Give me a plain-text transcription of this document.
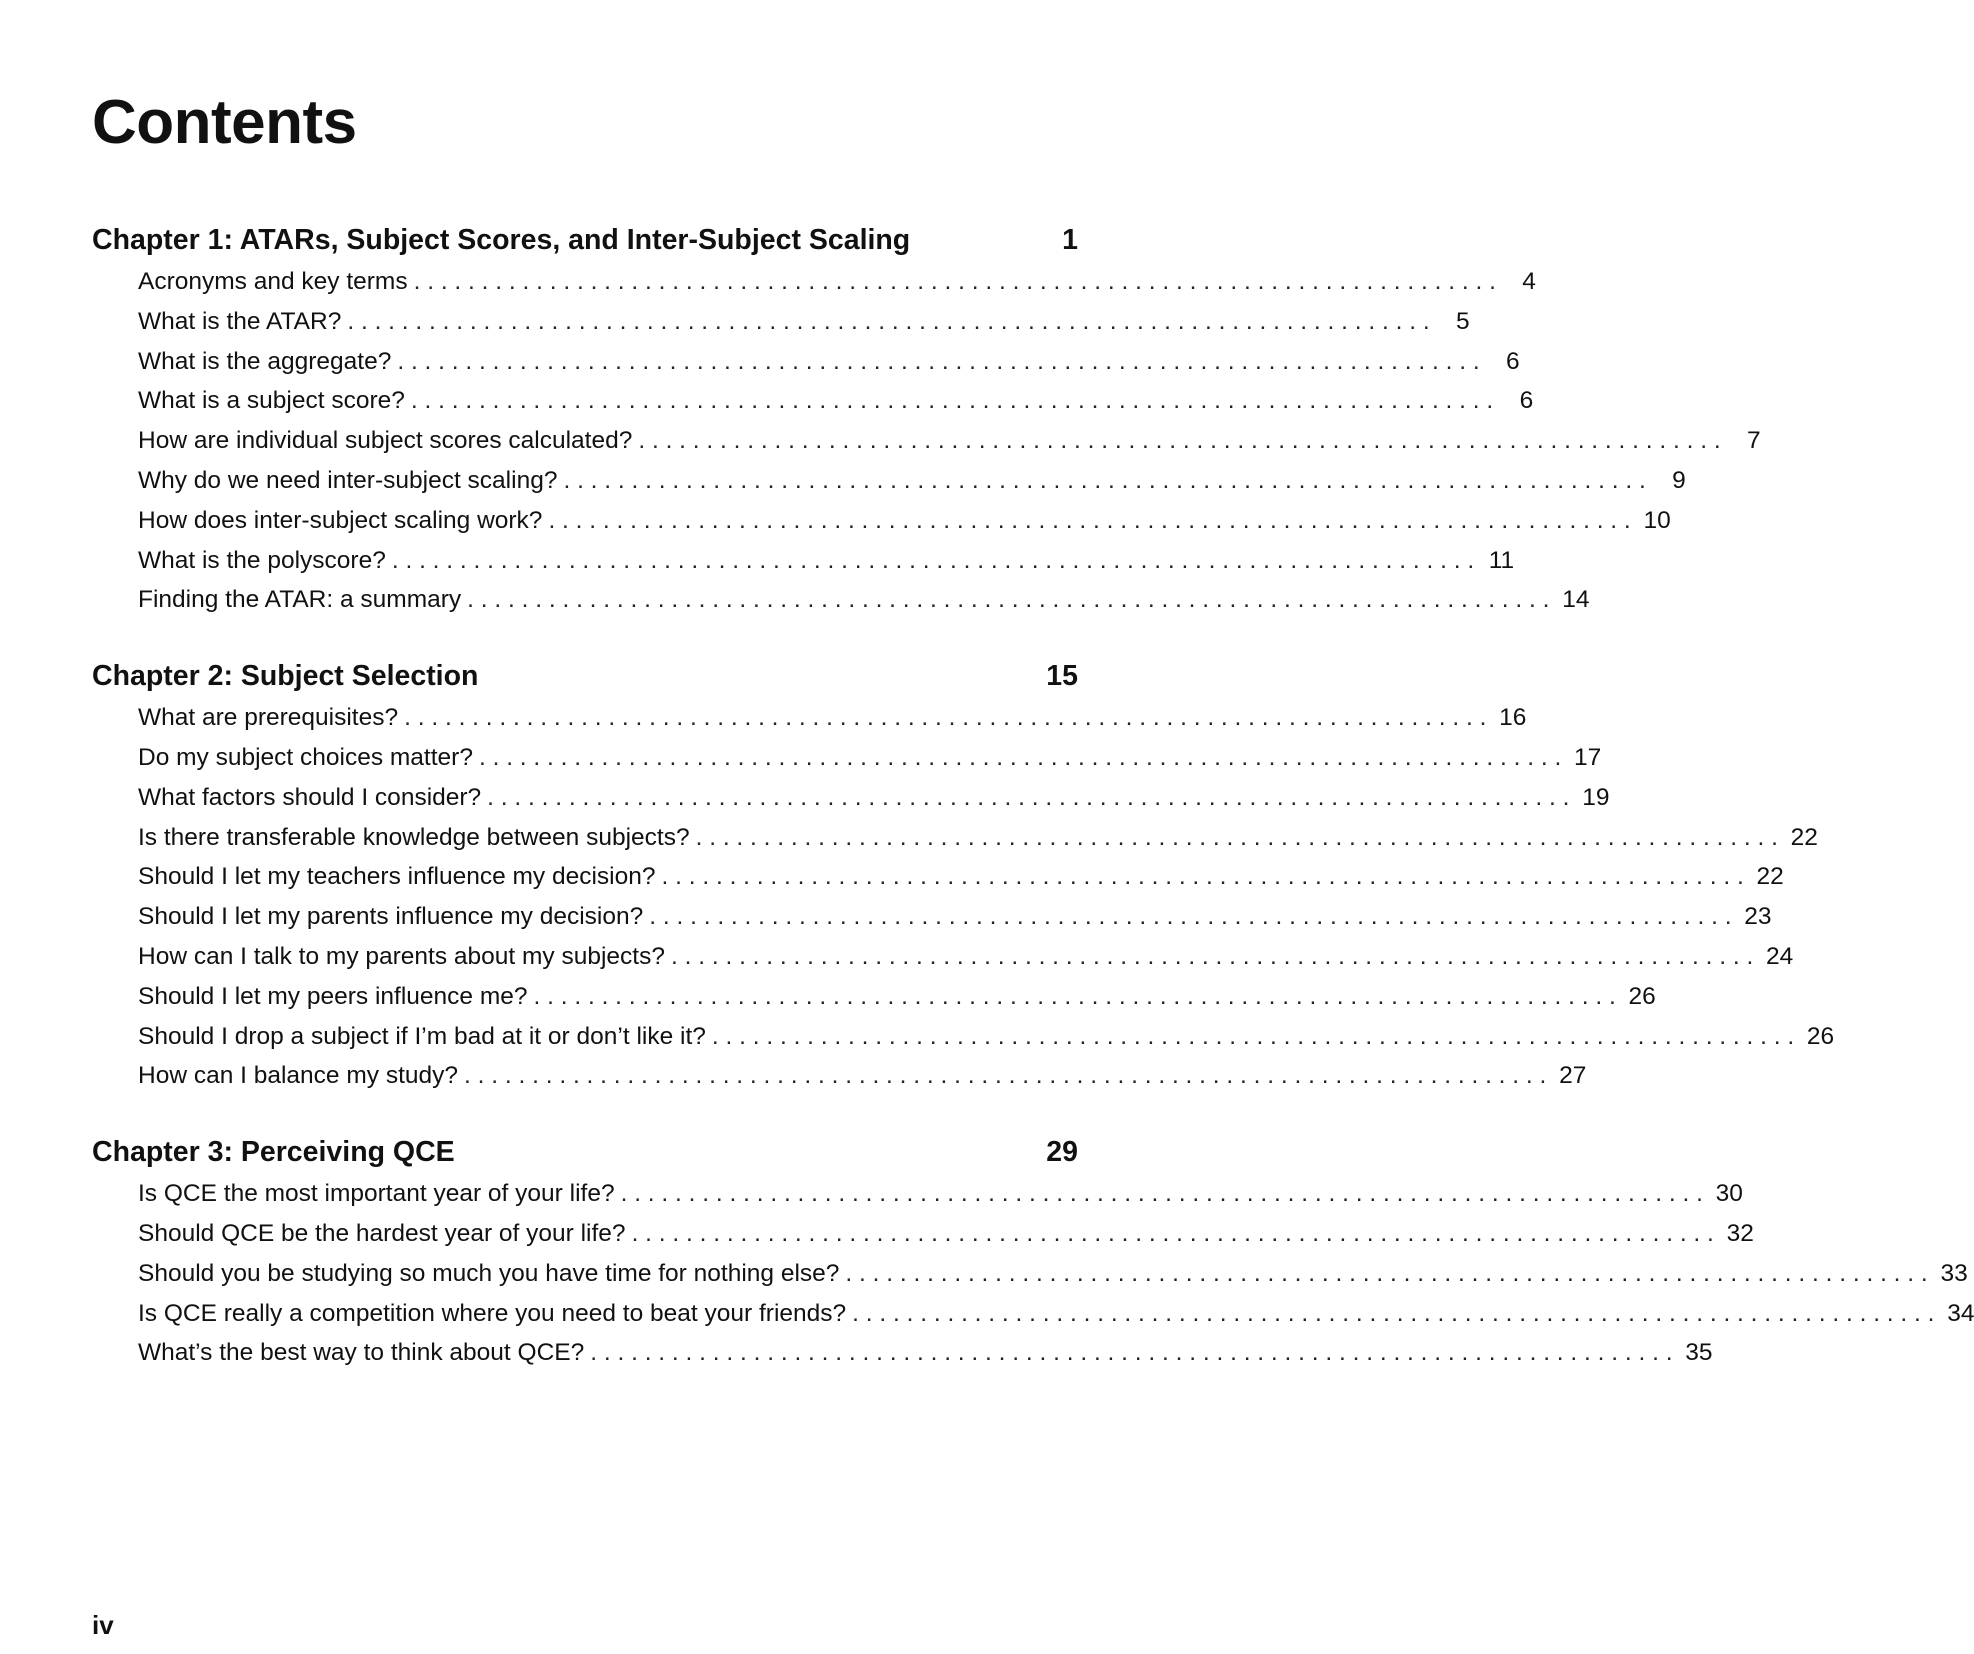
Contents
Chapter 1: ATARs, Subject Scores, and Inter-Subject Scaling	1
Acronyms and key terms . . . . . . . . . . . . . . . . . . . . . . . . . . . . . . . . . . . . . . . . . . . . . . . . . . . . . . . . . . . . . . . . . . . . . . . . . . . . . . . .	4
What is the ATAR? . . . . . . . . . . . . . . . . . . . . . . . . . . . . . . . . . . . . . . . . . . . . . . . . . . . . . . . . . . . . . . . . . . . . . . . . . . . . . . . .	5
What is the aggregate? . . . . . . . . . . . . . . . . . . . . . . . . . . . . . . . . . . . . . . . . . . . . . . . . . . . . . . . . . . . . . . . . . . . . . . . . . . . . . . . .	6
What is a subject score? . . . . . . . . . . . . . . . . . . . . . . . . . . . . . . . . . . . . . . . . . . . . . . . . . . . . . . . . . . . . . . . . . . . . . . . . . . . . . . . .	6
How are individual subject scores calculated? . . . . . . . . . . . . . . . . . . . . . . . . . . . . . . . . . . . . . . . . . . . . . . . . . . . . . . . . . . . . . . . . . . . . . . . . . . . . . . . .	7
Why do we need inter-subject scaling? . . . . . . . . . . . . . . . . . . . . . . . . . . . . . . . . . . . . . . . . . . . . . . . . . . . . . . . . . . . . . . . . . . . . . . . . . . . . . . . .	9
How does inter-subject scaling work? . . . . . . . . . . . . . . . . . . . . . . . . . . . . . . . . . . . . . . . . . . . . . . . . . . . . . . . . . . . . . . . . . . . . . . . . . . . . . . . . 10
What is the polyscore? . . . . . . . . . . . . . . . . . . . . . . . . . . . . . . . . . . . . . . . . . . . . . . . . . . . . . . . . . . . . . . . . . . . . . . . . . . . . . . . . 11
Finding the ATAR: a summary . . . . . . . . . . . . . . . . . . . . . . . . . . . . . . . . . . . . . . . . . . . . . . . . . . . . . . . . . . . . . . . . . . . . . . . . . . . . . . . . 14
Chapter 2: Subject Selection	15
What are prerequisites? . . . . . . . . . . . . . . . . . . . . . . . . . . . . . . . . . . . . . . . . . . . . . . . . . . . . . . . . . . . . . . . . . . . . . . . . . . . . . . . . 16
Do my subject choices matter? . . . . . . . . . . . . . . . . . . . . . . . . . . . . . . . . . . . . . . . . . . . . . . . . . . . . . . . . . . . . . . . . . . . . . . . . . . . . . . . . 17
What factors should I consider? . . . . . . . . . . . . . . . . . . . . . . . . . . . . . . . . . . . . . . . . . . . . . . . . . . . . . . . . . . . . . . . . . . . . . . . . . . . . . . . . 19
Is there transferable knowledge between subjects? . . . . . . . . . . . . . . . . . . . . . . . . . . . . . . . . . . . . . . . . . . . . . . . . . . . . . . . . . . . . . . . . . . . . . . . . . . . . . . . . 22
Should I let my teachers influence my decision? . . . . . . . . . . . . . . . . . . . . . . . . . . . . . . . . . . . . . . . . . . . . . . . . . . . . . . . . . . . . . . . . . . . . . . . . . . . . . . . . 22
Should I let my parents influence my decision? . . . . . . . . . . . . . . . . . . . . . . . . . . . . . . . . . . . . . . . . . . . . . . . . . . . . . . . . . . . . . . . . . . . . . . . . . . . . . . . . 23
How can I talk to my parents about my subjects? . . . . . . . . . . . . . . . . . . . . . . . . . . . . . . . . . . . . . . . . . . . . . . . . . . . . . . . . . . . . . . . . . . . . . . . . . . . . . . . . 24
Should I let my peers influence me? . . . . . . . . . . . . . . . . . . . . . . . . . . . . . . . . . . . . . . . . . . . . . . . . . . . . . . . . . . . . . . . . . . . . . . . . . . . . . . . . 26
Should I drop a subject if I’m bad at it or don’t like it? . . . . . . . . . . . . . . . . . . . . . . . . . . . . . . . . . . . . . . . . . . . . . . . . . . . . . . . . . . . . . . . . . . . . . . . . . . . . . . . . 26
How can I balance my study? . . . . . . . . . . . . . . . . . . . . . . . . . . . . . . . . . . . . . . . . . . . . . . . . . . . . . . . . . . . . . . . . . . . . . . . . . . . . . . . . 27
Chapter 3: Perceiving QCE	29
Is QCE the most important year of your life? . . . . . . . . . . . . . . . . . . . . . . . . . . . . . . . . . . . . . . . . . . . . . . . . . . . . . . . . . . . . . . . . . . . . . . . . . . . . . . . . 30
Should QCE be the hardest year of your life? . . . . . . . . . . . . . . . . . . . . . . . . . . . . . . . . . . . . . . . . . . . . . . . . . . . . . . . . . . . . . . . . . . . . . . . . . . . . . . . . 32
Should you be studying so much you have time for nothing else? . . . . . . . . . . . . . . . . . . . . . . . . . . . . . . . . . . . . . . . . . . . . . . . . . . . . . . . . . . . . . . . . . . . . . . . . . . . . . . . . 33
Is QCE really a competition where you need to beat your friends? . . . . . . . . . . . . . . . . . . . . . . . . . . . . . . . . . . . . . . . . . . . . . . . . . . . . . . . . . . . . . . . . . . . . . . . . . . . . . . . . 34
What’s the best way to think about QCE? . . . . . . . . . . . . . . . . . . . . . . . . . . . . . . . . . . . . . . . . . . . . . . . . . . . . . . . . . . . . . . . . . . . . . . . . . . . . . . . . 35
iv
